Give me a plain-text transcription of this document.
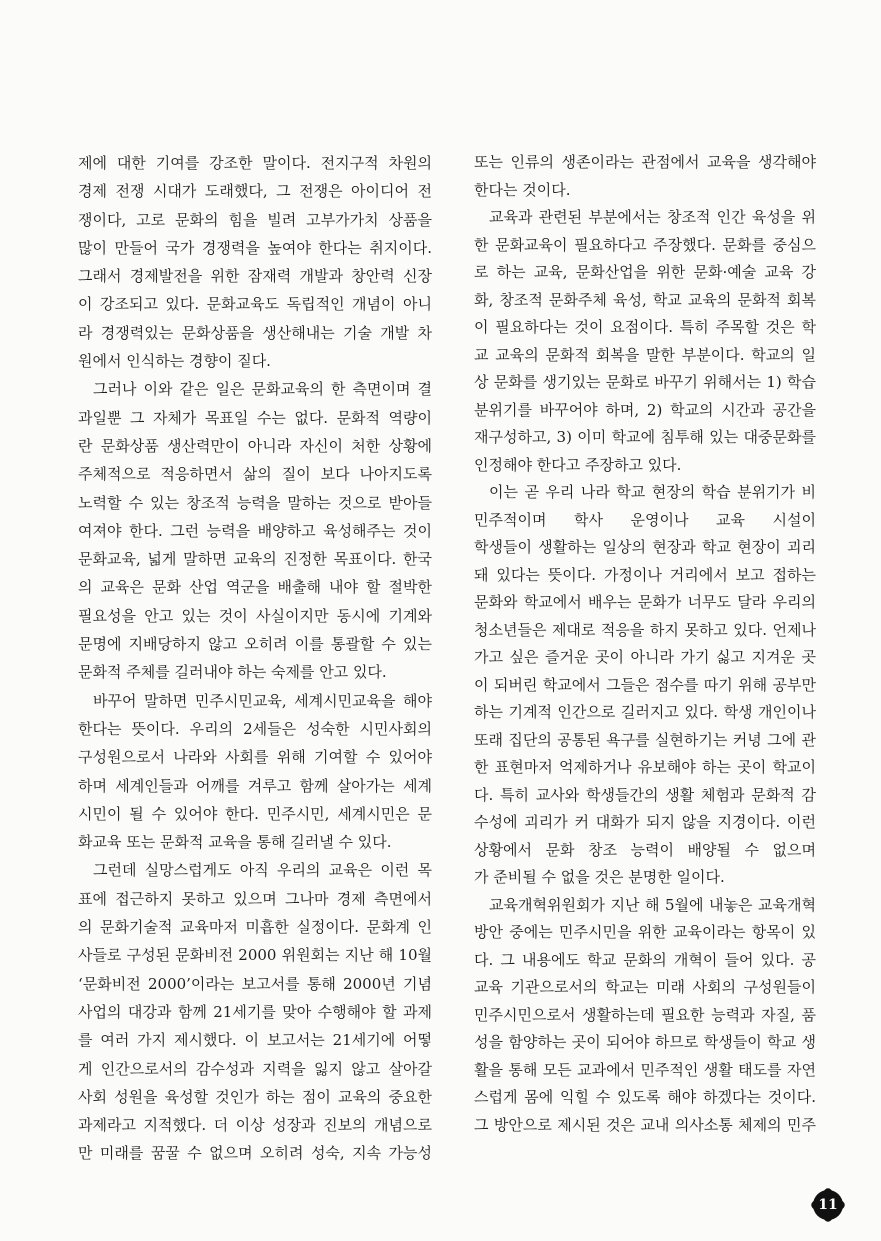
제에 대한 기여를 강조한 말이다. 전지구적 차원의
경제 전쟁 시대가 도래했다, 그 전쟁은 아이디어 전
쟁이다, 고로 문화의 힘을 빌려 고부가가치 상품을
많이 만들어 국가 경쟁력을 높여야 한다는 취지이다.
그래서 경제발전을 위한 잠재력 개발과 창안력 신장
이 강조되고 있다. 문화교육도 독립적인 개념이 아니
라 경쟁력있는 문화상품을 생산해내는 기술 개발 차
원에서 인식하는 경향이 짙다.
그러나 이와 같은 일은 문화교육의 한 측면이며 결
과일뿐 그 자체가 목표일 수는 없다. 문화적 역량이
란 문화상품 생산력만이 아니라 자신이 처한 상황에
주체적으로 적응하면서 삶의 질이 보다 나아지도록
노력할 수 있는 창조적 능력을 말하는 것으로 받아들
여져야 한다. 그런 능력을 배양하고 육성해주는 것이
문화교육, 넓게 말하면 교육의 진정한 목표이다. 한국
의 교육은 문화 산업 역군을 배출해 내야 할 절박한
필요성을 안고 있는 것이 사실이지만 동시에 기계와
문명에 지배당하지 않고 오히려 이를 통괄할 수 있는
문화적 주체를 길러내야 하는 숙제를 안고 있다.
바꾸어 말하면 민주시민교육, 세계시민교육을 해야
한다는 뜻이다. 우리의 2세들은 성숙한 시민사회의
구성원으로서 나라와 사회를 위해 기여할 수 있어야
하며 세계인들과 어깨를 겨루고 함께 살아가는 세계
시민이 될 수 있어야 한다. 민주시민, 세계시민은 문
화교육 또는 문화적 교육을 통해 길러낼 수 있다.
그런데 실망스럽게도 아직 우리의 교육은 이런 목
표에 접근하지 못하고 있으며 그나마 경제 측면에서
의 문화기술적 교육마저 미흡한 실정이다. 문화계 인
사들로 구성된 문화비전 2000 위원회는 지난 해 10월
‘문화비전 2000’이라는 보고서를 통해 2000년 기념
사업의 대강과 함께 21세기를 맞아 수행해야 할 과제
를 여러 가지 제시했다. 이 보고서는 21세기에 어떻
게 인간으로서의 감수성과 지력을 잃지 않고 살아갈
사회 성원을 육성할 것인가 하는 점이 교육의 중요한
과제라고 지적했다. 더 이상 성장과 진보의 개념으로
만 미래를 꿈꿀 수 없으며 오히려 성숙, 지속 가능성
또는 인류의 생존이라는 관점에서 교육을 생각해야
한다는 것이다.
교육과 관련된 부분에서는 창조적 인간 육성을 위
한 문화교육이 필요하다고 주장했다. 문화를 중심으
로 하는 교육, 문화산업을 위한 문화·예술 교육 강
화, 창조적 문화주체 육성, 학교 교육의 문화적 회복
이 필요하다는 것이 요점이다. 특히 주목할 것은 학
교 교육의 문화적 회복을 말한 부분이다. 학교의 일
상 문화를 생기있는 문화로 바꾸기 위해서는 1) 학습
분위기를 바꾸어야 하며, 2) 학교의 시간과 공간을
재구성하고, 3) 이미 학교에 침투해 있는 대중문화를
인정해야 한다고 주장하고 있다.
이는 곧 우리 나라 학교 현장의 학습 분위기가 비
민주적이며 학사 운영이나 교육 시설이
학생들이 생활하는 일상의 현장과 학교 현장이 괴리
돼 있다는 뜻이다. 가정이나 거리에서 보고 접하는
문화와 학교에서 배우는 문화가 너무도 달라 우리의
청소년들은 제대로 적응을 하지 못하고 있다. 언제나
가고 싶은 즐거운 곳이 아니라 가기 싫고 지겨운 곳
이 되버린 학교에서 그들은 점수를 따기 위해 공부만
하는 기계적 인간으로 길러지고 있다. 학생 개인이나
또래 집단의 공통된 욕구를 실현하기는 커녕 그에 관
한 표현마저 억제하거나 유보해야 하는 곳이 학교이
다. 특히 교사와 학생들간의 생활 체험과 문화적 감
수성에 괴리가 커 대화가 되지 않을 지경이다. 이런
상황에서 문화 창조 능력이 배양될 수 없으며
가 준비될 수 없을 것은 분명한 일이다.
교육개혁위원회가 지난 해 5월에 내놓은 교육개혁
방안 중에는 민주시민을 위한 교육이라는 항목이 있
다. 그 내용에도 학교 문화의 개혁이 들어 있다. 공
교육 기관으로서의 학교는 미래 사회의 구성원들이
민주시민으로서 생활하는데 필요한 능력과 자질, 품
성을 함양하는 곳이 되어야 하므로 학생들이 학교 생
활을 통해 모든 교과에서 민주적인 생활 태도를 자연
스럽게 몸에 익힐 수 있도록 해야 하겠다는 것이다.
그 방안으로 제시된 것은 교내 의사소통 체제의 민주
11
